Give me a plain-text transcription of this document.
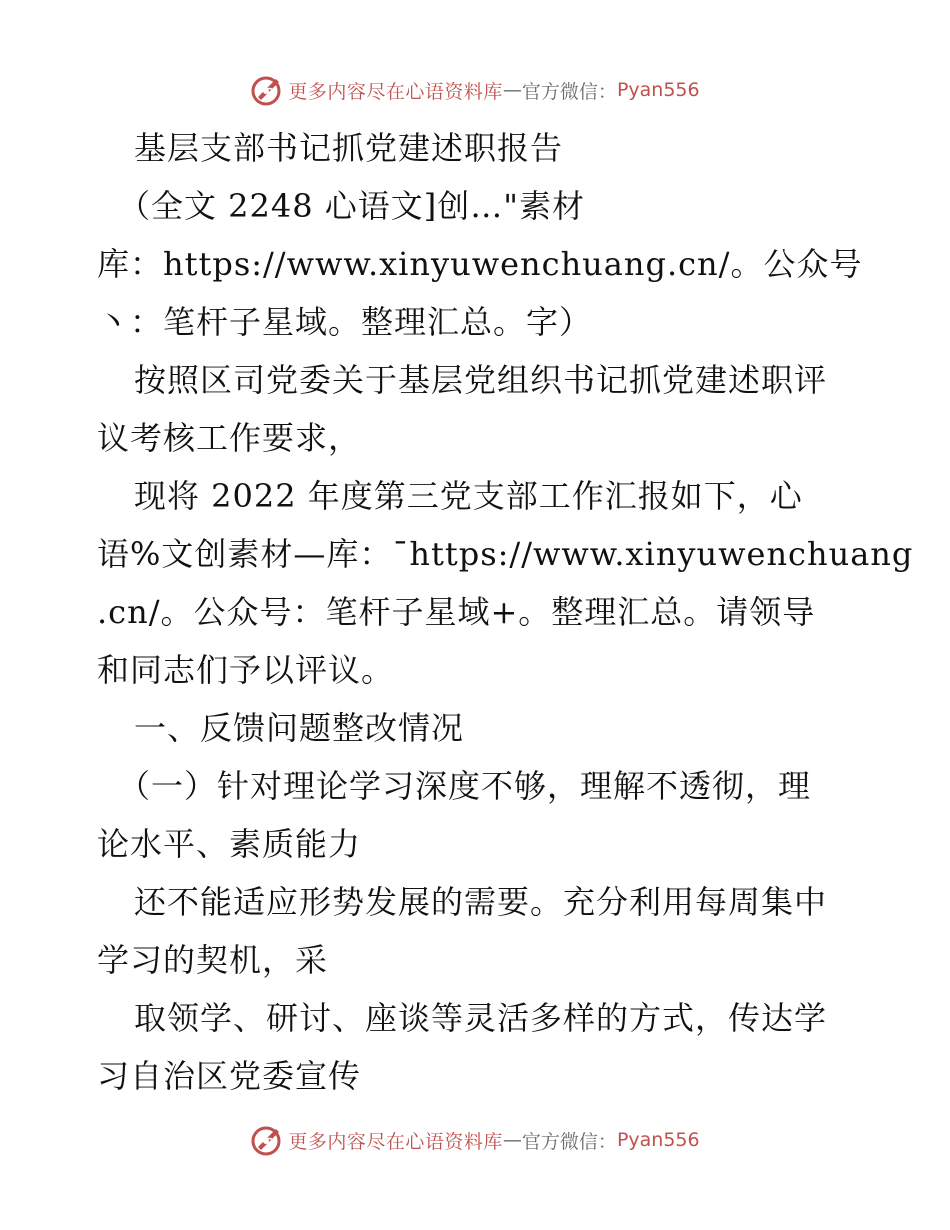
更多内容尽在心语资料库 — 官方微信： Pyan556
基层支部书记抓党建述职报告
（全文 2248 心语文]创…"素材
库：https://www.xinyuwenchuang.cn/。公众号
丶：笔杆子星域。整理汇总。字）
按照区司党委关于基层党组织书记抓党建述职评
议考核工作要求，
现将 2022 年度第三党支部工作汇报如下，心
语%文创素材—库：¯https://www.xinyuwenchuang
.cn/。公众号：笔杆子星域+。整理汇总。请领导
和同志们予以评议。
一、反馈问题整改情况
（一）针对理论学习深度不够，理解不透彻，理
论水平、素质能力
还不能适应形势发展的需要。充分利用每周集中
学习的契机，采
取领学、研讨、座谈等灵活多样的方式，传达学
习自治区党委宣传
更多内容尽在心语资料库 — 官方微信： Pyan556
